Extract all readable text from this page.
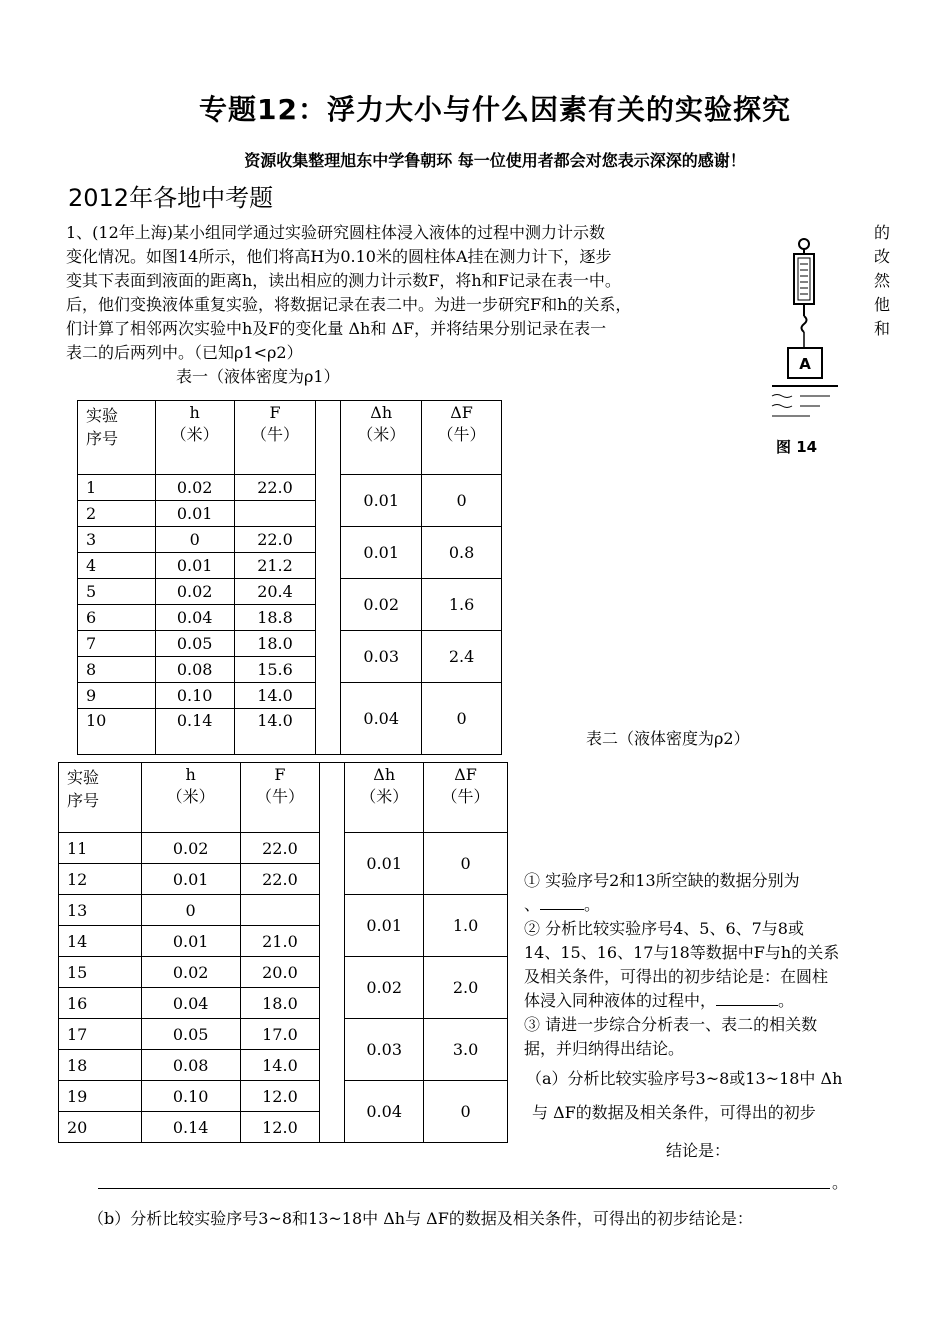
专题12：浮力大小与什么因素有关的实验探究
资源收集整理旭东中学鲁朝环 每一位使用者都会对您表示深深的感谢！
2012年各地中考题
1、(12年上海)某小组同学通过实验研究圆柱体浸入液体的过程中测力计示数
变化情况。如图14所示，他们将高H为0.10米的圆柱体A挂在测力计下，逐步
变其下表面到液面的距离h，读出相应的测力计示数F，将h和F记录在表一中。
后，他们变换液体重复实验，将数据记录在表二中。为进一步研究F和h的关系，
们计算了相邻两次实验中h及F的变化量 Δh和 ΔF，并将结果分别记录在表一
表二的后两列中。（已知ρ1<ρ2）
的
改
然
他
和
A
图 14
表一（液体密度为ρ1）
实验
序号	h
（米）	F
（牛）		Δh
（米）	ΔF
（牛）
1	0.02	22.0		0.01	0
2	0.01				
3	0	22.0		0.01	0.8
4	0.01	21.2			
5	0.02	20.4		0.02	1.6
6	0.04	18.8			
7	0.05	18.0		0.03	2.4
8	0.08	15.6			
9	0.10	14.0		0.04	0
10	0.14	14.0			
表二（液体密度为ρ2）
实验
序号	h
（米）	F
（牛）		Δh
（米）	ΔF
（牛）
11	0.02	22.0		0.01	0
12	0.01	22.0			
13	0			0.01	1.0
14	0.01	21.0			
15	0.02	20.0		0.02	2.0
16	0.04	18.0			
17	0.05	17.0		0.03	3.0
18	0.08	14.0			
19	0.10	12.0		0.04	0
20	0.14	12.0			
① 实验序号2和13所空缺的数据分别为
、	。
② 分析比较实验序号4、5、6、7与8或
14、15、16、17与18等数据中F与h的关系
及相关条件，可得出的初步结论是：在圆柱
体浸入同种液体的过程中，	。
③ 请进一步综合分析表一、表二的相关数
据，并归纳得出结论。
（a）分析比较实验序号3~8或13~18中 Δh
与 ΔF的数据及相关条件，可得出的初步
结论是：
。
（b）分析比较实验序号3~8和13~18中 Δh与 ΔF的数据及相关条件，可得出的初步结论是：
